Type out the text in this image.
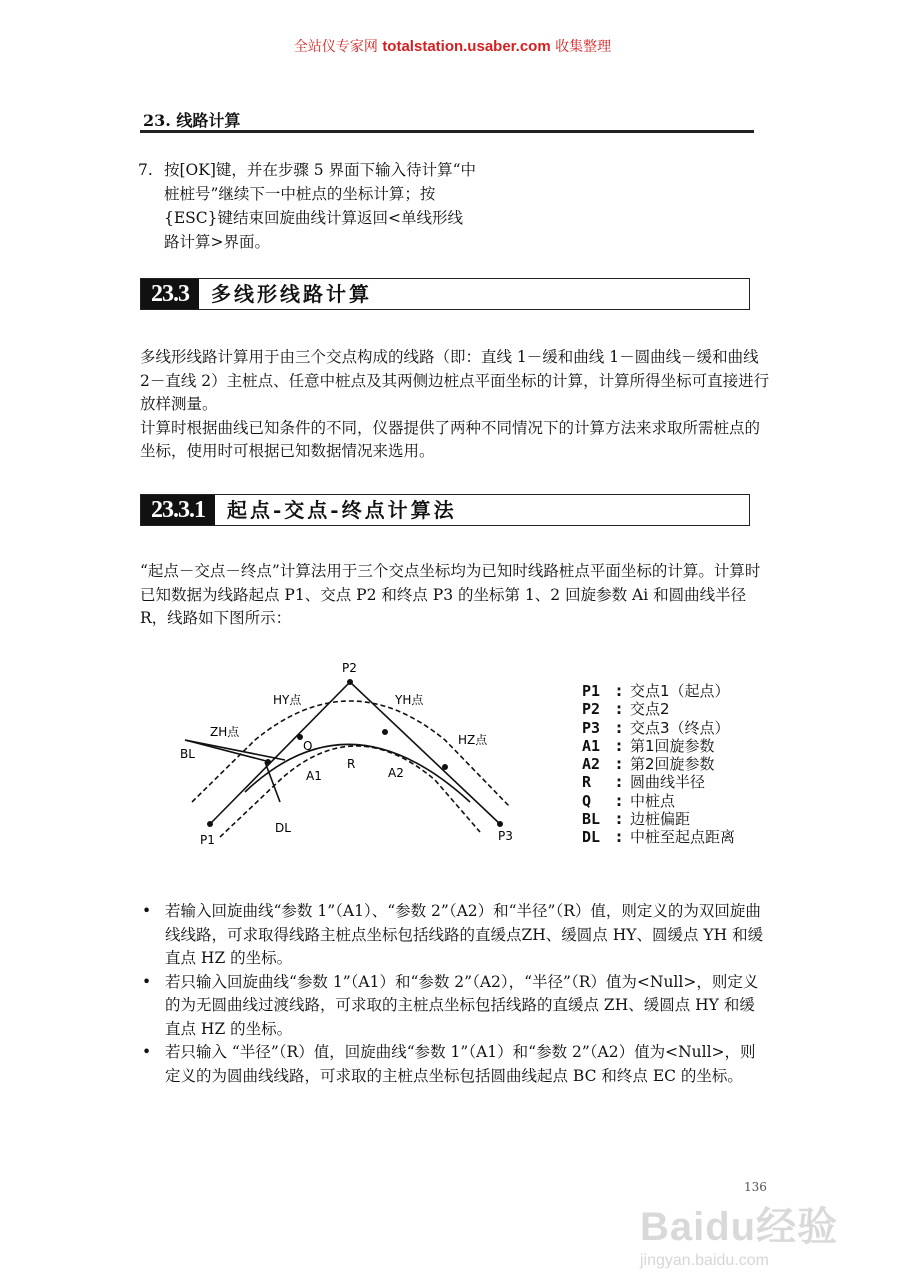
全站仪专家网 totalstation.usaber.com 收集整理
23. 线路计算
7. 按[OK]键，并在步骤 5 界面下输入待计算“中桩桩号”继续下一中桩点的坐标计算；按{ESC}键结束回旋曲线计算返回<单线形线路计算>界面。
23.3	多线形线路计算
多线形线路计算用于由三个交点构成的线路（即：直线 1－缓和曲线 1－圆曲线－缓和曲线 2－直线 2）主桩点、任意中桩点及其两侧边桩点平面坐标的计算，计算所得坐标可直接进行放样测量。
计算时根据曲线已知条件的不同，仪器提供了两种不同情况下的计算方法来求取所需桩点的坐标，使用时可根据已知数据情况来选用。
23.3.1	起点-交点-终点计算法
“起点－交点－终点”计算法用于三个交点坐标均为已知时线路桩点平面坐标的计算。计算时已知数据为线路起点 P1、交点 P2 和终点 P3 的坐标第 1、2 回旋参数 Ai 和圆曲线半径 R，线路如下图所示：
P2
P1	P3
HY点	YH点
ZH点
HZ点
BL
Q
A1	A2
R
DL
P1	: 交点1（起点）
P2	: 交点2
P3	: 交点3（终点）
A1	: 第1回旋参数
A2	: 第2回旋参数
R	: 圆曲线半径
Q	: 中桩点
BL	: 边桩偏距
DL	: 中桩至起点距离
• 若输入回旋曲线“参数 1”（A1）、“参数 2”（A2）和“半径”（R）值，则定义的为双回旋曲线线路，可求取得线路主桩点坐标包括线路的直缓点ZH、缓圆点 HY、圆缓点 YH 和缓直点 HZ 的坐标。
• 若只输入回旋曲线“参数 1”（A1）和“参数 2”（A2），“半径”（R）值为<Null>，则定义的为无圆曲线过渡线路，可求取的主桩点坐标包括线路的直缓点 ZH、缓圆点 HY 和缓直点 HZ 的坐标。
• 若只输入 “半径”（R）值，回旋曲线“参数 1”（A1）和“参数 2”（A2）值为<Null>，则定义的为圆曲线线路，可求取的主桩点坐标包括圆曲线起点 BC 和终点 EC 的坐标。
136
Baidu经验
jingyan.baidu.com
